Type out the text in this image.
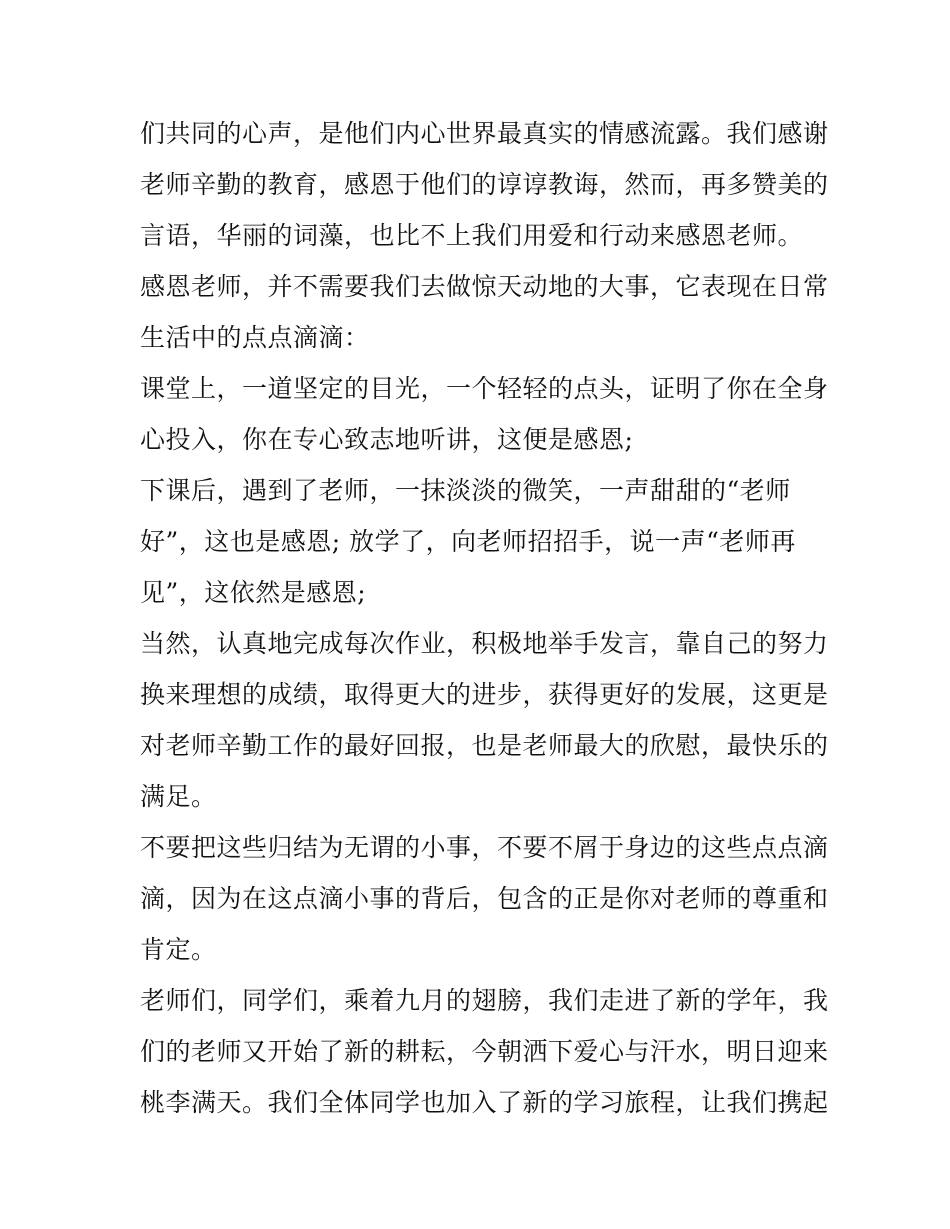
们共同的心声，是他们内心世界最真实的情感流露。我们感谢
老师辛勤的教育，感恩于他们的谆谆教诲，然而，再多赞美的
言语，华丽的词藻，也比不上我们用爱和行动来感恩老师。

感恩老师，并不需要我们去做惊天动地的大事，它表现在日常
生活中的点点滴滴：

课堂上，一道坚定的目光，一个轻轻的点头，证明了你在全身
心投入，你在专心致志地听讲，这便是感恩;

下课后，遇到了老师，一抹淡淡的微笑，一声甜甜的“老师
好”，这也是感恩; 放学了，向老师招招手，说一声“老师再
见”，这依然是感恩;

当然，认真地完成每次作业，积极地举手发言，靠自己的努力
换来理想的成绩，取得更大的进步，获得更好的发展，这更是
对老师辛勤工作的最好回报，也是老师最大的欣慰，最快乐的
满足。

不要把这些归结为无谓的小事，不要不屑于身边的这些点点滴
滴，因为在这点滴小事的背后，包含的正是你对老师的尊重和
肯定。

老师们，同学们，乘着九月的翅膀，我们走进了新的学年，我
们的老师又开始了新的耕耘，今朝洒下爱心与汗水，明日迎来
桃李满天。我们全体同学也加入了新的学习旅程，让我们携起
